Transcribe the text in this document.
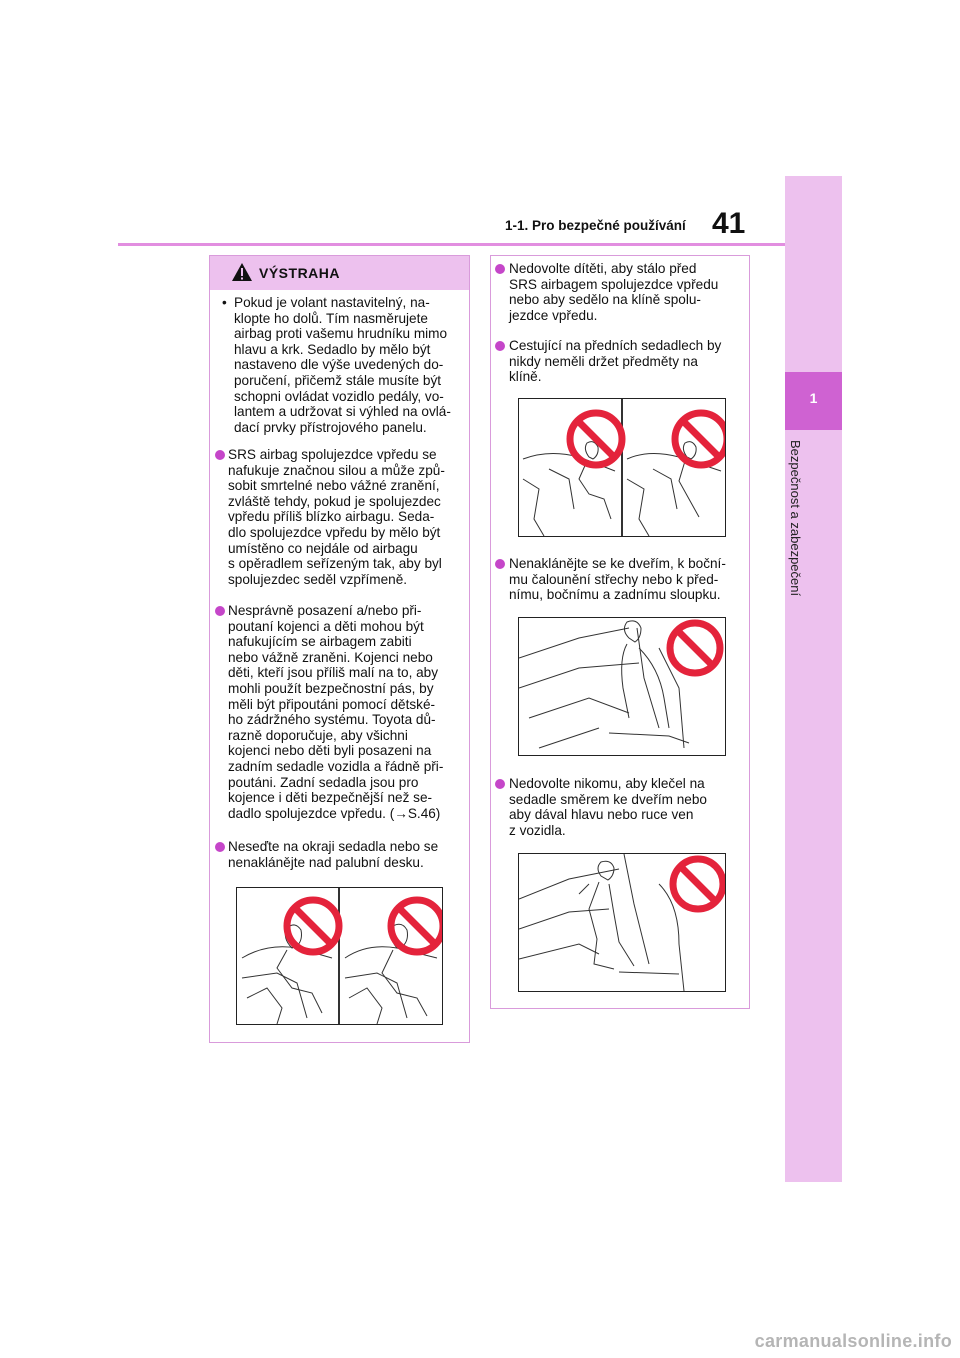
1-1. Pro bezpečné používání 41
1
Bezpečnost a zabezpečení
VÝSTRAHA
• Pokud je volant nastavitelný, na-
klopte ho dolů. Tím nasměrujete
airbag proti vašemu hrudníku mimo
hlavu a krk. Sedadlo by mělo být
nastaveno dle výše uvedených do-
poručení, přičemž stále musíte být
schopni ovládat vozidlo pedály, vo-
lantem a udržovat si výhled na ovlá-
dací prvky přístrojového panelu.
SRS airbag spolujezdce vpředu se
nafukuje značnou silou a může způ-
sobit smrtelné nebo vážné zranění,
zvláště tehdy, pokud je spolujezdec
vpředu příliš blízko airbagu. Seda-
dlo spolujezdce vpředu by mělo být
umístěno co nejdále od airbagu
s opěradlem seřízeným tak, aby byl
spolujezdec seděl vzpřímeně.
Nesprávně posazení a/nebo při-
poutaní kojenci a děti mohou být
nafukujícím se airbagem zabiti
nebo vážně zraněni. Kojenci nebo
děti, kteří jsou příliš malí na to, aby
mohli použít bezpečnostní pás, by
měli být připoutáni pomocí dětské-
ho zádržného systému. Toyota dů-
razně doporučuje, aby všichni
kojenci nebo děti byli posazeni na
zadním sedadle vozidla a řádně při-
poutáni. Zadní sedadla jsou pro
kojence i děti bezpečnější než se-
dadlo spolujezdce vpředu. (→S.46)
Neseďte na okraji sedadla nebo se
nenaklánějte nad palubní desku.
Nedovolte dítěti, aby stálo před
SRS airbagem spolujezdce vpředu
nebo aby sedělo na klíně spolu-
jezdce vpředu.
Cestující na předních sedadlech by
nikdy neměli držet předměty na
klíně.
Nenaklánějte se ke dveřím, k boční-
mu čalounění střechy nebo k před-
nímu, bočnímu a zadnímu sloupku.
Nedovolte nikomu, aby klečel na
sedadle směrem ke dveřím nebo
aby dával hlavu nebo ruce ven
z vozidla.
carmanualsonline.info
